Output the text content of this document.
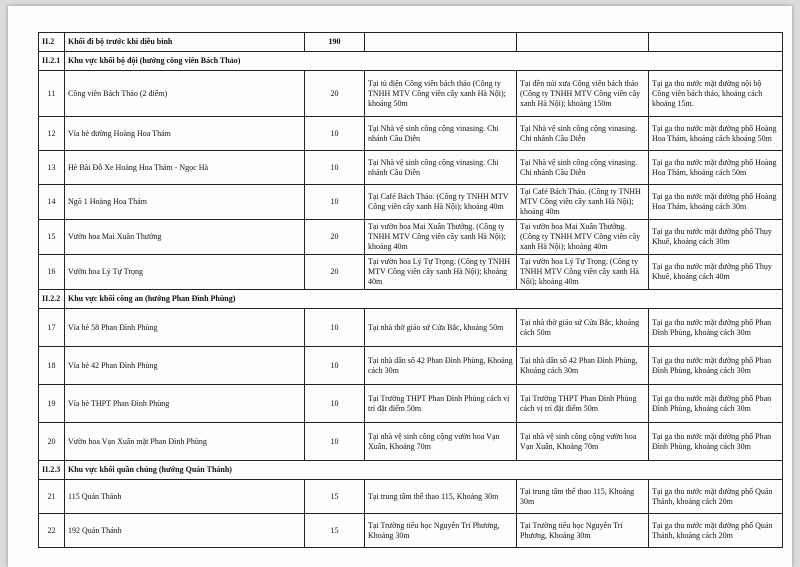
II.2	Khối đi bộ trước khi diễu binh	190			
II.2.1	Khu vực khối bộ đội (hướng công viên Bách Thảo)				
11	Công viên Bách Thảo (2 điểm)	20	Tại tủ điện Công viên bách thảo (Công ty TNHH MTV Công viên cây xanh Hà Nội); khoảng 50m	Tại đền núi xưa Công viên bách thảo (Công ty TNHH MTV Công viên cây xanh Hà Nội); khoảng 150m	Tại ga thu nước mặt đường nội bộ Công viên bách thảo, khoảng cách khoảng 15m.
12	Vỉa hè đường Hoàng Hoa Thám	10	Tại Nhà vệ sinh công cộng vinasing. Chi nhánh Cầu Diễn	Tại Nhà vệ sinh công cộng vinasing. Chi nhánh Cầu Diễn	Tại ga thu nước mặt đường phố Hoàng Hoa Thám, khoảng cách khoảng 50m
13	Hè Bãi Đỗ Xe Hoàng Hoa Thám - Ngọc Hà	10	Tại Nhà vệ sinh công cộng vinasing. Chi nhánh Cầu Diễn	Tại Nhà vệ sinh công cộng vinasing. Chi nhánh Cầu Diễn	Tại ga thu nước mặt đường phố Hoàng Hoa Thám, khoảng cách 50m
14	Ngõ 1 Hoàng Hoa Thám	10	Tại Café Bách Thảo. (Công ty TNHH MTV Công viên cây xanh Hà Nội); khoảng 40m	Tại Café Bách Thảo. (Công ty TNHH MTV Công viên cây xanh Hà Nội); khoảng 40m	Tại ga thu nước mặt đường phố Hoàng Hoa Thám, khoảng cách 30m
15	Vườn hoa Mai Xuân Thưởng	20	Tại vườn hoa Mai Xuân Thưởng. (Công ty TNHH MTV Công viên cây xanh Hà Nội); khoảng 40m	Tại vườn hoa Mai Xuân Thưởng. (Công ty TNHH MTV Công viên cây xanh Hà Nội); khoảng 40m	Tại ga thu nước mặt đường phố Thụy Khuê, khoảng cách 30m
16	Vườn hoa Lý Tự Trọng	20	Tại vườn hoa Lý Tự Trọng. (Công ty TNHH MTV Công viên cây xanh Hà Nội); khoảng 40m	Tại vườn hoa Lý Tự Trọng. (Công ty TNHH MTV Công viên cây xanh Hà Nội); khoảng 40m	Tại ga thu nước mặt đường phố Thụy Khuê, khoảng cách 40m
II.2.2	Khu vực khối công an (hướng Phan Đình Phùng)				
17	Vỉa hè 58 Phan Đình Phùng	10	Tại nhà thờ giáo sứ Cửa Bắc, khoảng 50m	Tại nhà thờ giáo sứ Cửa Bắc, khoảng cách 50m	Tại ga thu nước mặt đường phố Phan Đình Phùng, khoảng cách 30m
18	Vỉa hè 42 Phan Đình Phùng	10	Tại nhà dân số 42 Phan Đình Phùng, Khoảng cách 30m	Tại nhà dân số 42 Phan Đình Phùng, Khoảng cách 30m	Tại ga thu nước mặt đường phố Phan Đình Phùng, khoảng cách 30m
19	Vỉa hè THPT Phan Đình Phùng	10	Tại Trường THPT Phan Đình Phùng cách vị trí đặt điểm 50m	Tại Trường THPT Phan Đình Phùng cách vị trí đặt điểm 50m	Tại ga thu nước mặt đường phố Phan Đình Phùng, khoảng cách 30m
20	Vườn hoa Vạn Xuân mặt Phan Đình Phùng	10	Tại nhà vệ sinh công cộng vườn hoa Vạn Xuân, Khoảng 70m	Tại nhà vệ sinh công cộng vườn hoa Vạn Xuân, Khoảng 70m	Tại ga thu nước mặt đường phố Phan Đình Phùng, khoảng cách 30m
II.2.3	Khu vực khối quần chúng (hướng Quán Thánh)				
21	115 Quán Thánh	15	Tại trung tâm thể thao 115, Khoảng 30m	Tại trung tâm thể thao 115, Khoảng 30m	Tại ga thu nước mặt đường phố Quán Thánh, khoảng cách 20m
22	192 Quán Thánh	15	Tại Trường tiểu học Nguyễn Tri Phương, Khoảng 30m	Tại Trường tiểu học Nguyễn Tri Phương, Khoảng 30m	Tại ga thu nước mặt đường phố Quán Thánh, khoảng cách 20m
